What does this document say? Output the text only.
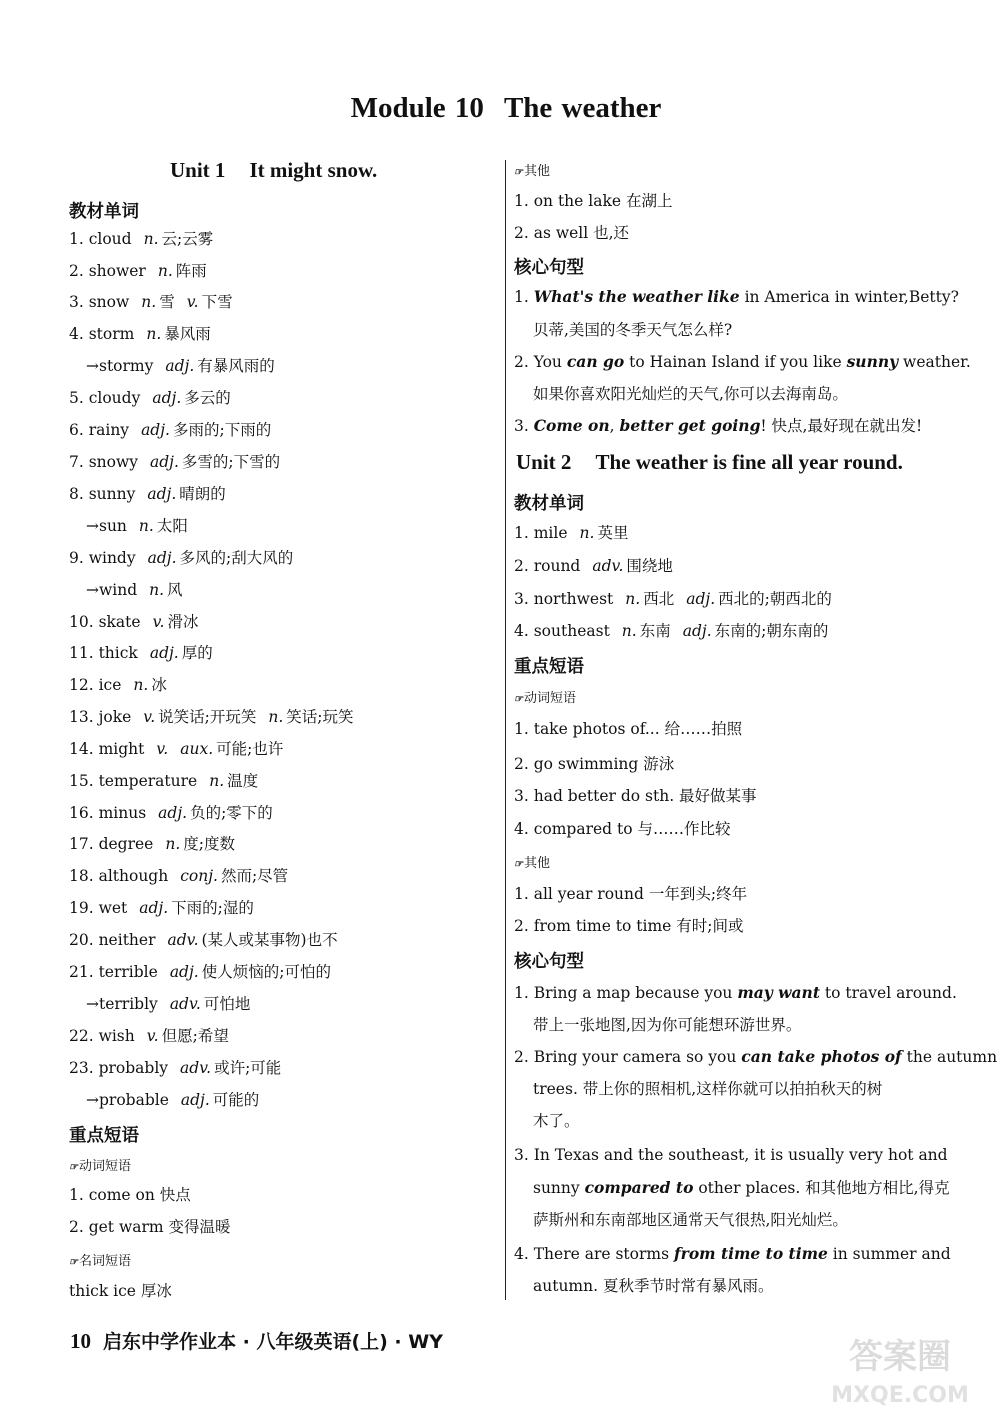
Module 10 The weather
Unit 1 It might snow.
教材单词
1. cloud n. 云;云雾
2. shower n. 阵雨
3. snow n. 雪 v. 下雪
4. storm n. 暴风雨
→stormy adj. 有暴风雨的
5. cloudy adj. 多云的
6. rainy adj. 多雨的;下雨的
7. snowy adj. 多雪的;下雪的
8. sunny adj. 晴朗的
→sun n. 太阳
9. windy adj. 多风的;刮大风的
→wind n. 风
10. skate v. 滑冰
11. thick adj. 厚的
12. ice n. 冰
13. joke v. 说笑话;开玩笑 n. 笑话;玩笑
14. might v. aux. 可能;也许
15. temperature n. 温度
16. minus adj. 负的;零下的
17. degree n. 度;度数
18. although conj. 然而;尽管
19. wet adj. 下雨的;湿的
20. neither adv. (某人或某事物)也不
21. terrible adj. 使人烦恼的;可怕的
→terribly adv. 可怕地
22. wish v. 但愿;希望
23. probably adv. 或许;可能
→probable adj. 可能的
重点短语
☞ 动词短语
1. come on 快点
2. get warm 变得温暖
☞ 名词短语
thick ice 厚冰
☞ 其他
1. on the lake 在湖上
2. as well 也,还
核心句型
1. What's the weather like in America in winter,Betty?
贝蒂,美国的冬季天气怎么样?
2. You can go to Hainan Island if you like sunny weather.
如果你喜欢阳光灿烂的天气,你可以去海南岛。
3. Come on, better get going! 快点,最好现在就出发!
Unit 2 The weather is fine all year round.
教材单词
1. mile n. 英里
2. round adv. 围绕地
3. northwest n. 西北 adj. 西北的;朝西北的
4. southeast n. 东南 adj. 东南的;朝东南的
重点短语
☞ 动词短语
1. take photos of... 给……拍照
2. go swimming 游泳
3. had better do sth. 最好做某事
4. compared to 与……作比较
☞ 其他
1. all year round 一年到头;终年
2. from time to time 有时;间或
核心句型
1. Bring a map because you may want to travel around.
带上一张地图,因为你可能想环游世界。
2. Bring your camera so you can take photos of the autumn
trees. 带上你的照相机,这样你就可以拍拍秋天的树
木了。
3. In Texas and the southeast, it is usually very hot and
sunny compared to other places. 和其他地方相比,得克
萨斯州和东南部地区通常天气很热,阳光灿烂。
4. There are storms from time to time in summer and
autumn. 夏秋季节时常有暴风雨。
10 启东中学作业本 · 八年级英语(上) · WY	答案圈
MXQE.COM
